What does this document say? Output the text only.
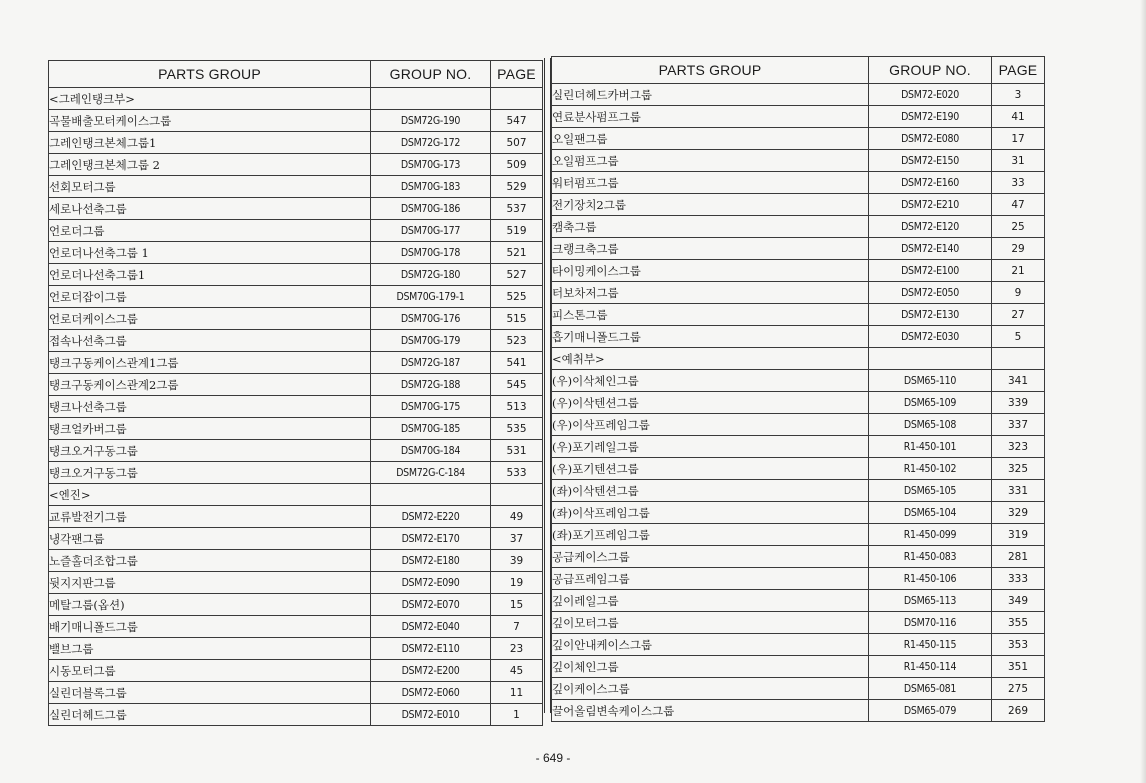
PARTS GROUP	GROUP NO.	PAGE
<그레인탱크부>		
곡물배출모터케이스그룹	DSM72G-190	547
그레인탱크본체그룹1	DSM72G-172	507
그레인탱크본체그룹 2	DSM70G-173	509
선회모터그룹	DSM70G-183	529
세로나선축그룹	DSM70G-186	537
언로더그룹	DSM70G-177	519
언로더나선축그룹 1	DSM70G-178	521
언로더나선축그룹1	DSM72G-180	527
언로더잡이그룹	DSM70G-179-1	525
언로더케이스그룹	DSM70G-176	515
접속나선축그룹	DSM70G-179	523
탱크구동케이스관계1그룹	DSM72G-187	541
탱크구동케이스관계2그룹	DSM72G-188	545
탱크나선축그룹	DSM70G-175	513
탱크얼카버그룹	DSM70G-185	535
탱크오거구동그룹	DSM70G-184	531
탱크오거구동그룹	DSM72G-C-184	533
<엔진>		
교류발전기그룹	DSM72-E220	49
냉각팬그룹	DSM72-E170	37
노즐홀더조합그룹	DSM72-E180	39
뒷지지판그룹	DSM72-E090	19
메탈그룹(옵션)	DSM72-E070	15
배기매니폴드그룹	DSM72-E040	7
밸브그룹	DSM72-E110	23
시동모터그룹	DSM72-E200	45
실린더블록그룹	DSM72-E060	11
실린더헤드그룹	DSM72-E010	1
PARTS GROUP	GROUP NO.	PAGE
실린더헤드카버그룹	DSM72-E020	3
연료분사펌프그룹	DSM72-E190	41
오일팬그룹	DSM72-E080	17
오일펌프그룹	DSM72-E150	31
워터펌프그룹	DSM72-E160	33
전기장치2그룹	DSM72-E210	47
캠축그룹	DSM72-E120	25
크랭크축그룹	DSM72-E140	29
타이밍케이스그룹	DSM72-E100	21
터보차저그룹	DSM72-E050	9
피스톤그룹	DSM72-E130	27
흡기매니폴드그룹	DSM72-E030	5
<예취부>		
(우)이삭체인그룹	DSM65-110	341
(우)이삭텐션그룹	DSM65-109	339
(우)이삭프레임그룹	DSM65-108	337
(우)포기레일그룹	R1-450-101	323
(우)포기텐션그룹	R1-450-102	325
(좌)이삭텐션그룹	DSM65-105	331
(좌)이삭프레임그룹	DSM65-104	329
(좌)포기프레임그룹	R1-450-099	319
공급케이스그룹	R1-450-083	281
공급프레임그룹	R1-450-106	333
깊이레일그룹	DSM65-113	349
깊이모터그룹	DSM70-116	355
깊이안내케이스그룹	R1-450-115	353
깊이체인그룹	R1-450-114	351
깊이케이스그룹	DSM65-081	275
끌어올림변속케이스그룹	DSM65-079	269
- 649 -
